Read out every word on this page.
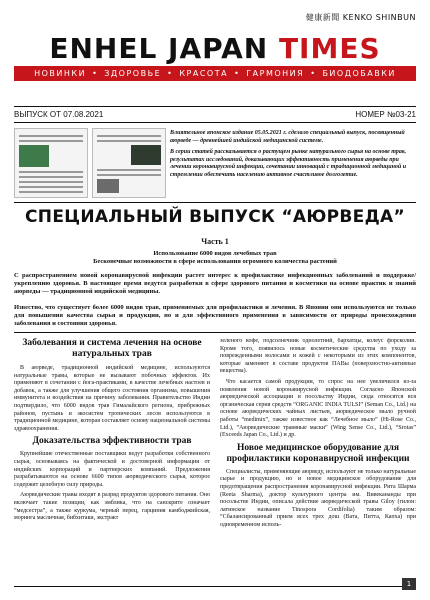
健康新聞 KENKO SHINBUN
ENHEL JAPAN TIMES
НОВИНКИ • ЗДОРОВЬЕ • КРАСОТА • ГАРМОНИЯ • БИОДОБАВКИ
ВЫПУСК ОТ 07.08.2021	НОМЕР №03-21

Влиятельное японское издание 05.05.2021 г. сделало специальный выпуск, посвященный аюрведе — древнейшей индийской медицинской системе.

В серии статей рассказывается о растущем рынке натурального сырья на основе трав, результатах исследований, доказывающих эффективность применения аюрведы при лечении коронавирусной инфекции, сочетании инноваций с традиционной медициной и стремлении обеспечить населению активное счастливое долголетие.

СПЕЦИАЛЬНЫЙ ВЫПУСК “АЮРВЕДА”
Часть 1
Использование 6000 видов лечебных трав
Бесконечные возможности в сфере использования огромного количества растений
С распространением новой коронавирусной инфекции растет интерес к профилактике инфекционных заболеваний и поддержке/укреплению здоровья. В настоящее время ведутся разработки в сфере здорового питания и косметики на основе практик и знаний аюрведы — традиционной индийской медицины.
Известно, что существует более 6000 видов трав, применяемых для профилактики и лечения. В Японии они используются не только для повышения качества сырья и продукции, но и для эффективного применения в зависимости от природы происхождения заболевания и состояния здоровья.
Заболевания и система лечения на основе натуральных трав

В аюрведе, традиционной индийской медицине, используются натуральные травы, которые не вызывают побочных эффектов. Их применяют в сочетании с йога-практиками, в качестве лечебных настоев и добавок, а также для улучшения общего состояния организма, повышения иммунитета и воздействия на причину заболевания. Правительство Индии подтвердило, что 6000 видов трав Гималайского региона, прибрежных районов, пустынь и экосистем тропических лесов используются в традиционной медицине, которая составляет основу национальной системы здравоохранения.

Доказательства эффективности трав

Крупнейшие отечественные поставщики ведут разработки собственного сырья, основываясь на фактической и достоверной информации от индийских корпораций и партнерских компаний. Предложения разрабатываются на основе 6600 типов аюрведического сырья, которое содержит целебную силу природы.

Аюрведические травы входят в разряд продуктов здорового питания. Оно включает такие позиции, как эмблика, что на санскрите означает “медсестра”, а также куркума, черный перец, гарциния камбоджийская, моринга масличная, бибхитаки, экстракт

зеленого кофе, подсолнечник однолетний, бархатцы, колеус форсколии. Кроме того, появилось новые косметические средства по уходу за поврежденными волосами и кожей с некоторыми из этих компонентов, которые заменяют в составе продуктов ПАВы (поверхностно-активные вещества).

Что касается самой продукции, то спрос на нее увеличился из-за появления новой коронавирусной инфекции. Согласно Японской аюрведической ассоциации и посольству Индии, сюда относятся вся органическая серия средств “ORGANIC INDIA TULSI” (Seman Co., Ltd.) на основе аюрведических чайных листьев, аюрведическое мыло ручной работы “medimix”, также известное как “Лечебное мыло” (Hi-Rose Co., Ltd.), “Аюрведические травяные маски” (Wing Sense Co., Ltd.), “Srotas” (Exceeds Japan Co., Ltd.) и др.

Новое медицинское оборудование для профилактики коронавирусной инфекции

Специалисты, применяющие аюрведу, используют не только натуральные сырье и продукцию, но и новое медицинское оборудование для предотвращения распространения коронавирусной инфекции. Рита Шарма (Reeta Sharma), доктор культурного центра им. Вивекананды при посольстве Индии, описала действие аюрведической травы Giloy (гилои: латинское название Tinospora Cordifolia) таким образом: “Сбалансированный прием всех трех дош (Вата, Питта, Капха) при одновременном исполь-

1
